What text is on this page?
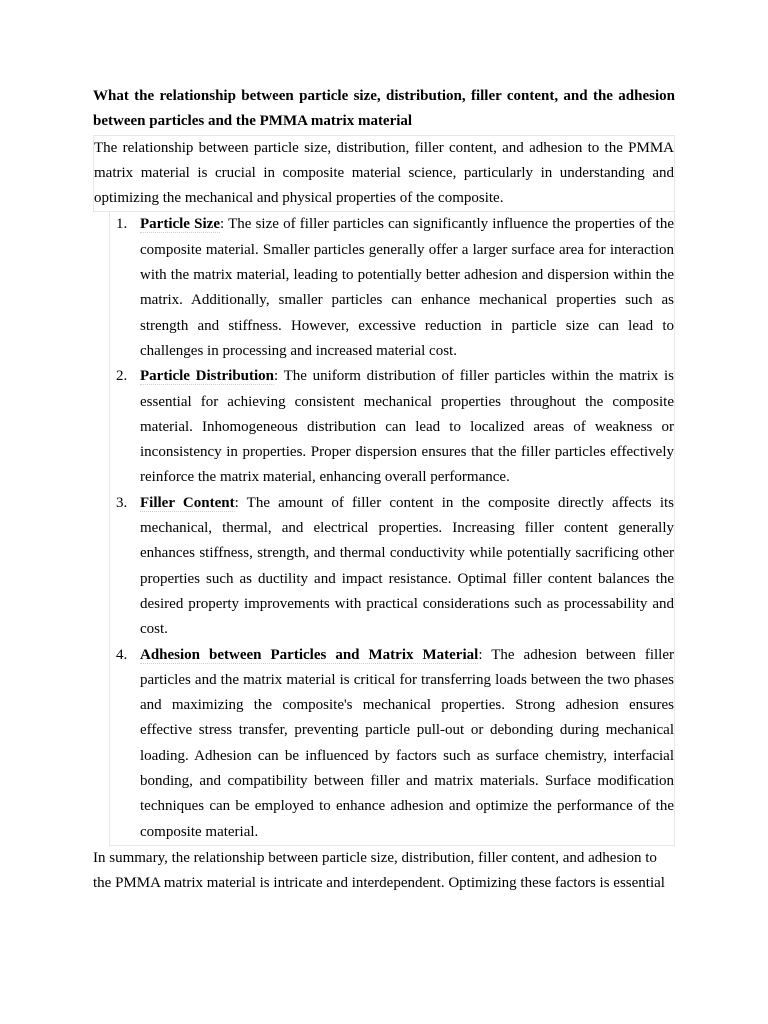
What the relationship between particle size, distribution, filler content, and the adhesion between particles and the PMMA matrix material

The relationship between particle size, distribution, filler content, and adhesion to the PMMA matrix material is crucial in composite material science, particularly in understanding and optimizing the mechanical and physical properties of the composite.

1. Particle Size: The size of filler particles can significantly influence the properties of the composite material. Smaller particles generally offer a larger surface area for interaction with the matrix material, leading to potentially better adhesion and dispersion within the matrix. Additionally, smaller particles can enhance mechanical properties such as strength and stiffness. However, excessive reduction in particle size can lead to challenges in processing and increased material cost.
2. Particle Distribution: The uniform distribution of filler particles within the matrix is essential for achieving consistent mechanical properties throughout the composite material. Inhomogeneous distribution can lead to localized areas of weakness or inconsistency in properties. Proper dispersion ensures that the filler particles effectively reinforce the matrix material, enhancing overall performance.
3. Filler Content: The amount of filler content in the composite directly affects its mechanical, thermal, and electrical properties. Increasing filler content generally enhances stiffness, strength, and thermal conductivity while potentially sacrificing other properties such as ductility and impact resistance. Optimal filler content balances the desired property improvements with practical considerations such as processability and cost.
4. Adhesion between Particles and Matrix Material: The adhesion between filler particles and the matrix material is critical for transferring loads between the two phases and maximizing the composite's mechanical properties. Strong adhesion ensures effective stress transfer, preventing particle pull-out or debonding during mechanical loading. Adhesion can be influenced by factors such as surface chemistry, interfacial bonding, and compatibility between filler and matrix materials. Surface modification techniques can be employed to enhance adhesion and optimize the performance of the composite material.

In summary, the relationship between particle size, distribution, filler content, and adhesion to the PMMA matrix material is intricate and interdependent. Optimizing these factors is essential
